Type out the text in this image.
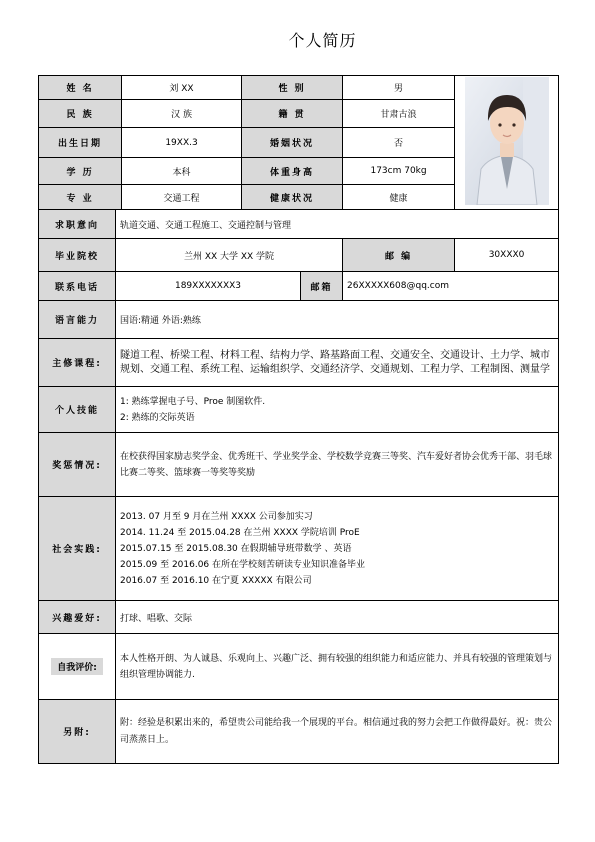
个人简历
姓 名		刘 XX	性 别		男	
民 族		汉 族	籍 贯		甘肃古浪	
出生日期		19XX.3	婚姻状况		否	
学 历		本科	体重身高		173cm 70kg	
专 业		交通工程	健康状况		健康	
求职意向	轨道交通、交通工程施工、交通控制与管理					
毕业院校	兰州 XX 大学 XX 学院				邮 编	30XXX0
联系电话	189XXXXXXX3			邮箱	26XXXXX608@qq.com	
语言能力	国语:精通 外语:熟练					
主修课程:	隧道工程、桥梁工程、材料工程、结构力学、路基路面工程、交通安全、交通设计、土力学、城市规划、交通工程、系统工程、运输组织学、交通经济学、交通规划、工程力学、工程制图、测量学					
个人技能	1: 熟练掌握电子号、Proe 制图软件.
2: 熟练的交际英语					

奖惩情况:	在校获得国家励志奖学金、优秀班干、学业奖学金、学校数学竞赛三等奖、汽车爱好者协会优秀干部、羽毛球比赛二等奖、篮球赛一等奖等奖励					
社会实践:	2013. 07 月至 9 月在兰州 XXXX 公司参加实习
2014. 11.24 至 2015.04.28 在兰州 XXXX 学院培训 ProE
2015.07.15 至 2015.08.30 在假期辅导班带数学 、英语
2015.09 至 2016.06 在所在学校刻苦研读专业知识准备毕业
2016.07 至 2016.10 在宁夏 XXXXX 有限公司					

兴趣爱好:	打球、唱歌、交际					
自我评价:	本人性格开朗、为人诚恳、乐观向上、兴趣广泛、拥有较强的组织能力和适应能力、并具有较强的管理策划与组织管理协调能力.					
另附:	附：经验是积累出来的，希望贵公司能给我一个展现的平台。相信通过我的努力会把工作做得最好。祝：贵公司蒸蒸日上。					
